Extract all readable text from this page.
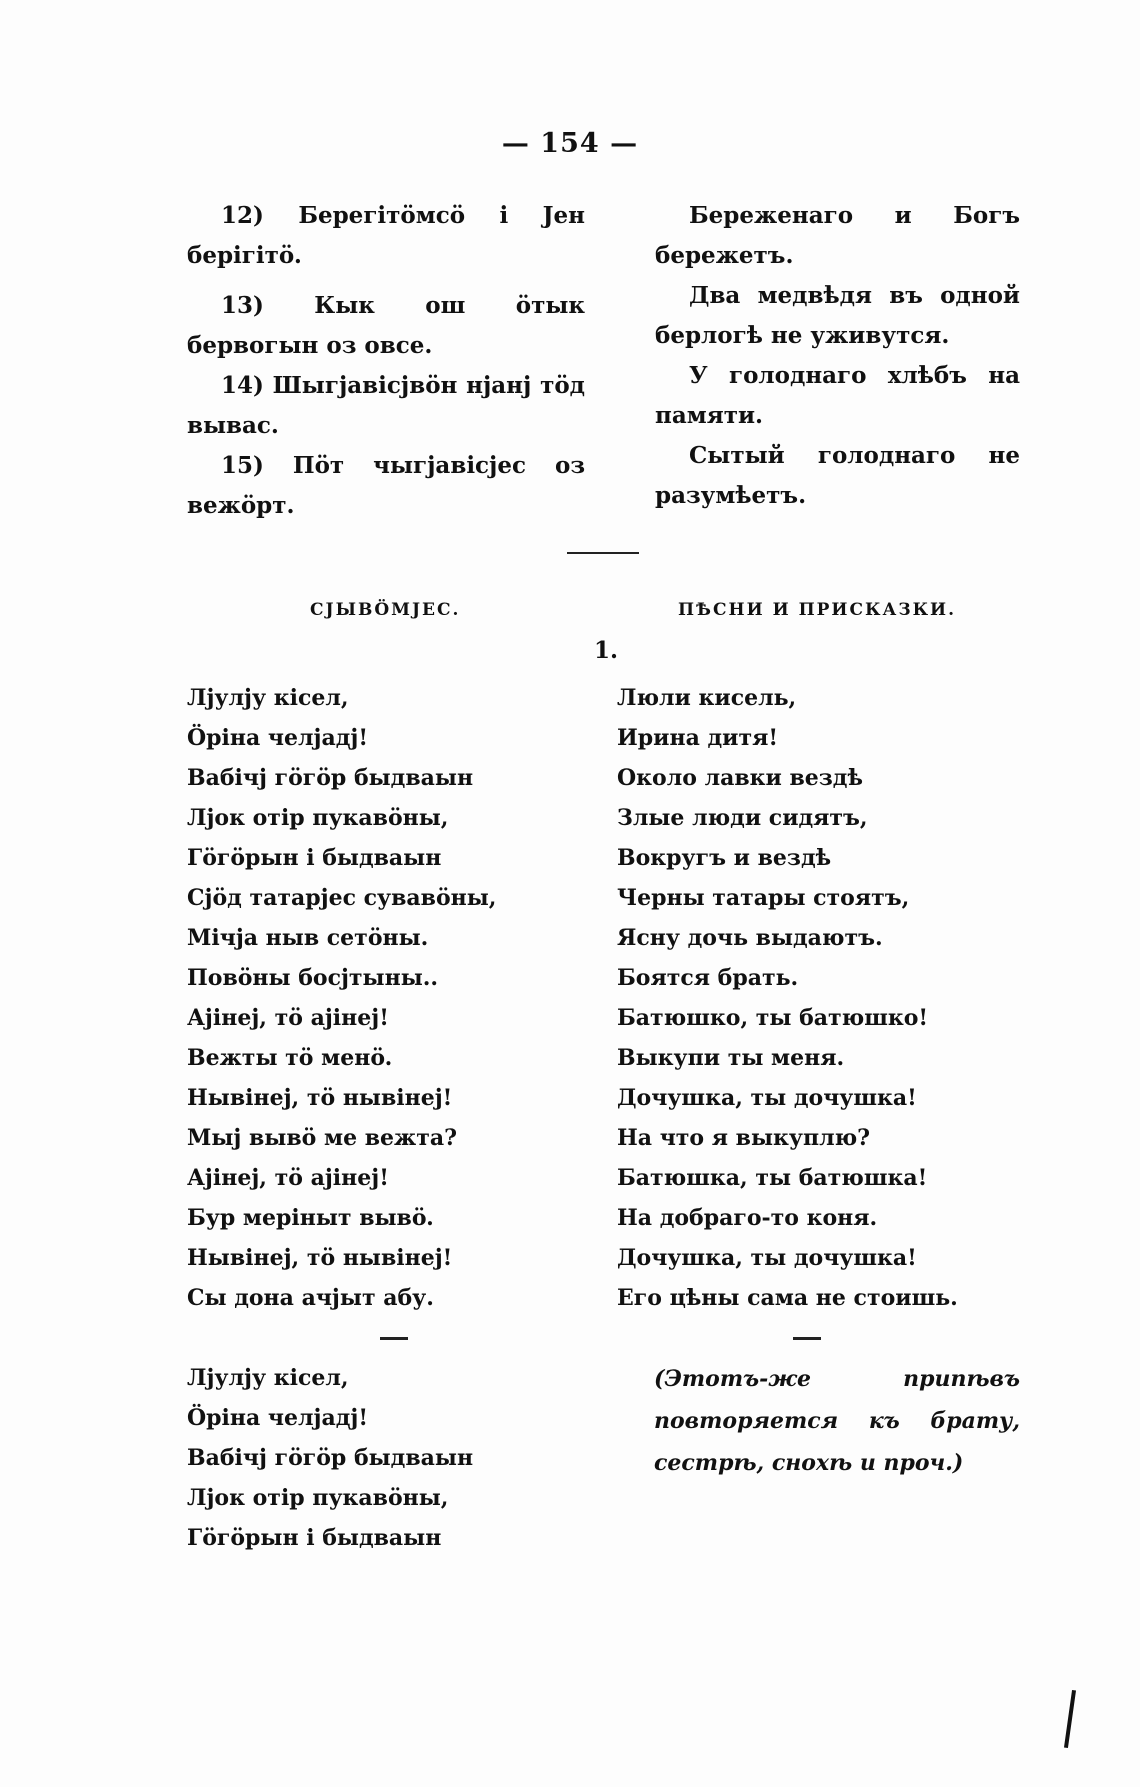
— 154 —

12) Берегітöмсö і Јен берігітö.

13) Кык ош öтык бервогын оз овсе.

14) Шыгјавісјвöн нјанј тöд вывас.

15) Пöт чыгјавісјес оз вежöрт.

Береженаго и Богъ бережетъ.

Два медвѣдя въ одной берлогѣ не уживутся.

У голоднаго хлѣбъ на памяти.

Сытый голоднаго не разумѣетъ.

СЈЫВÖМЈЕС.	ПѢСНИ И ПРИСКАЗКИ.
1.
Лјулју кісел,
Öріна челјадј!
Вабічј гöгöр быдваын
Лјок отір пукавöны,
Гöгöрын і быдваын
Сјöд татарјес сувавöны,
Мічја ныв сетöны.
Повöны босјтыны..
Ајінеј, тö ајінеј!
Вежты тö менö.
Нывінеј, тö нывінеј!
Мыј вывö ме вежта?
Ајінеј, тö ајінеј!
Бур меріныт вывö.
Нывінеј, тö нывінеј!
Сы дона ачјыт абу.
Люли кисель,
Ирина дитя!
Около лавки вездѣ
Злые люди сидятъ,
Вокругъ и вездѣ
Черны татары стоятъ,
Ясну дочь выдаютъ.
Боятся брать.
Батюшко, ты батюшко!
Выкупи ты меня.
Дочушка, ты дочушка!
На что я выкуплю?
Батюшка, ты батюшка!
На добраго-то коня.
Дочушка, ты дочушка!
Его цѣны сама не стоишь.
Лјулју кісел,
Öріна челјадј!
Вабічј гöгöр быдваын
Лјок отір пукавöны,
Гöгöрын і быдваын
(Этотъ-же припѣвъ повторяется къ брату, сестрѣ, снохѣ и проч.)
